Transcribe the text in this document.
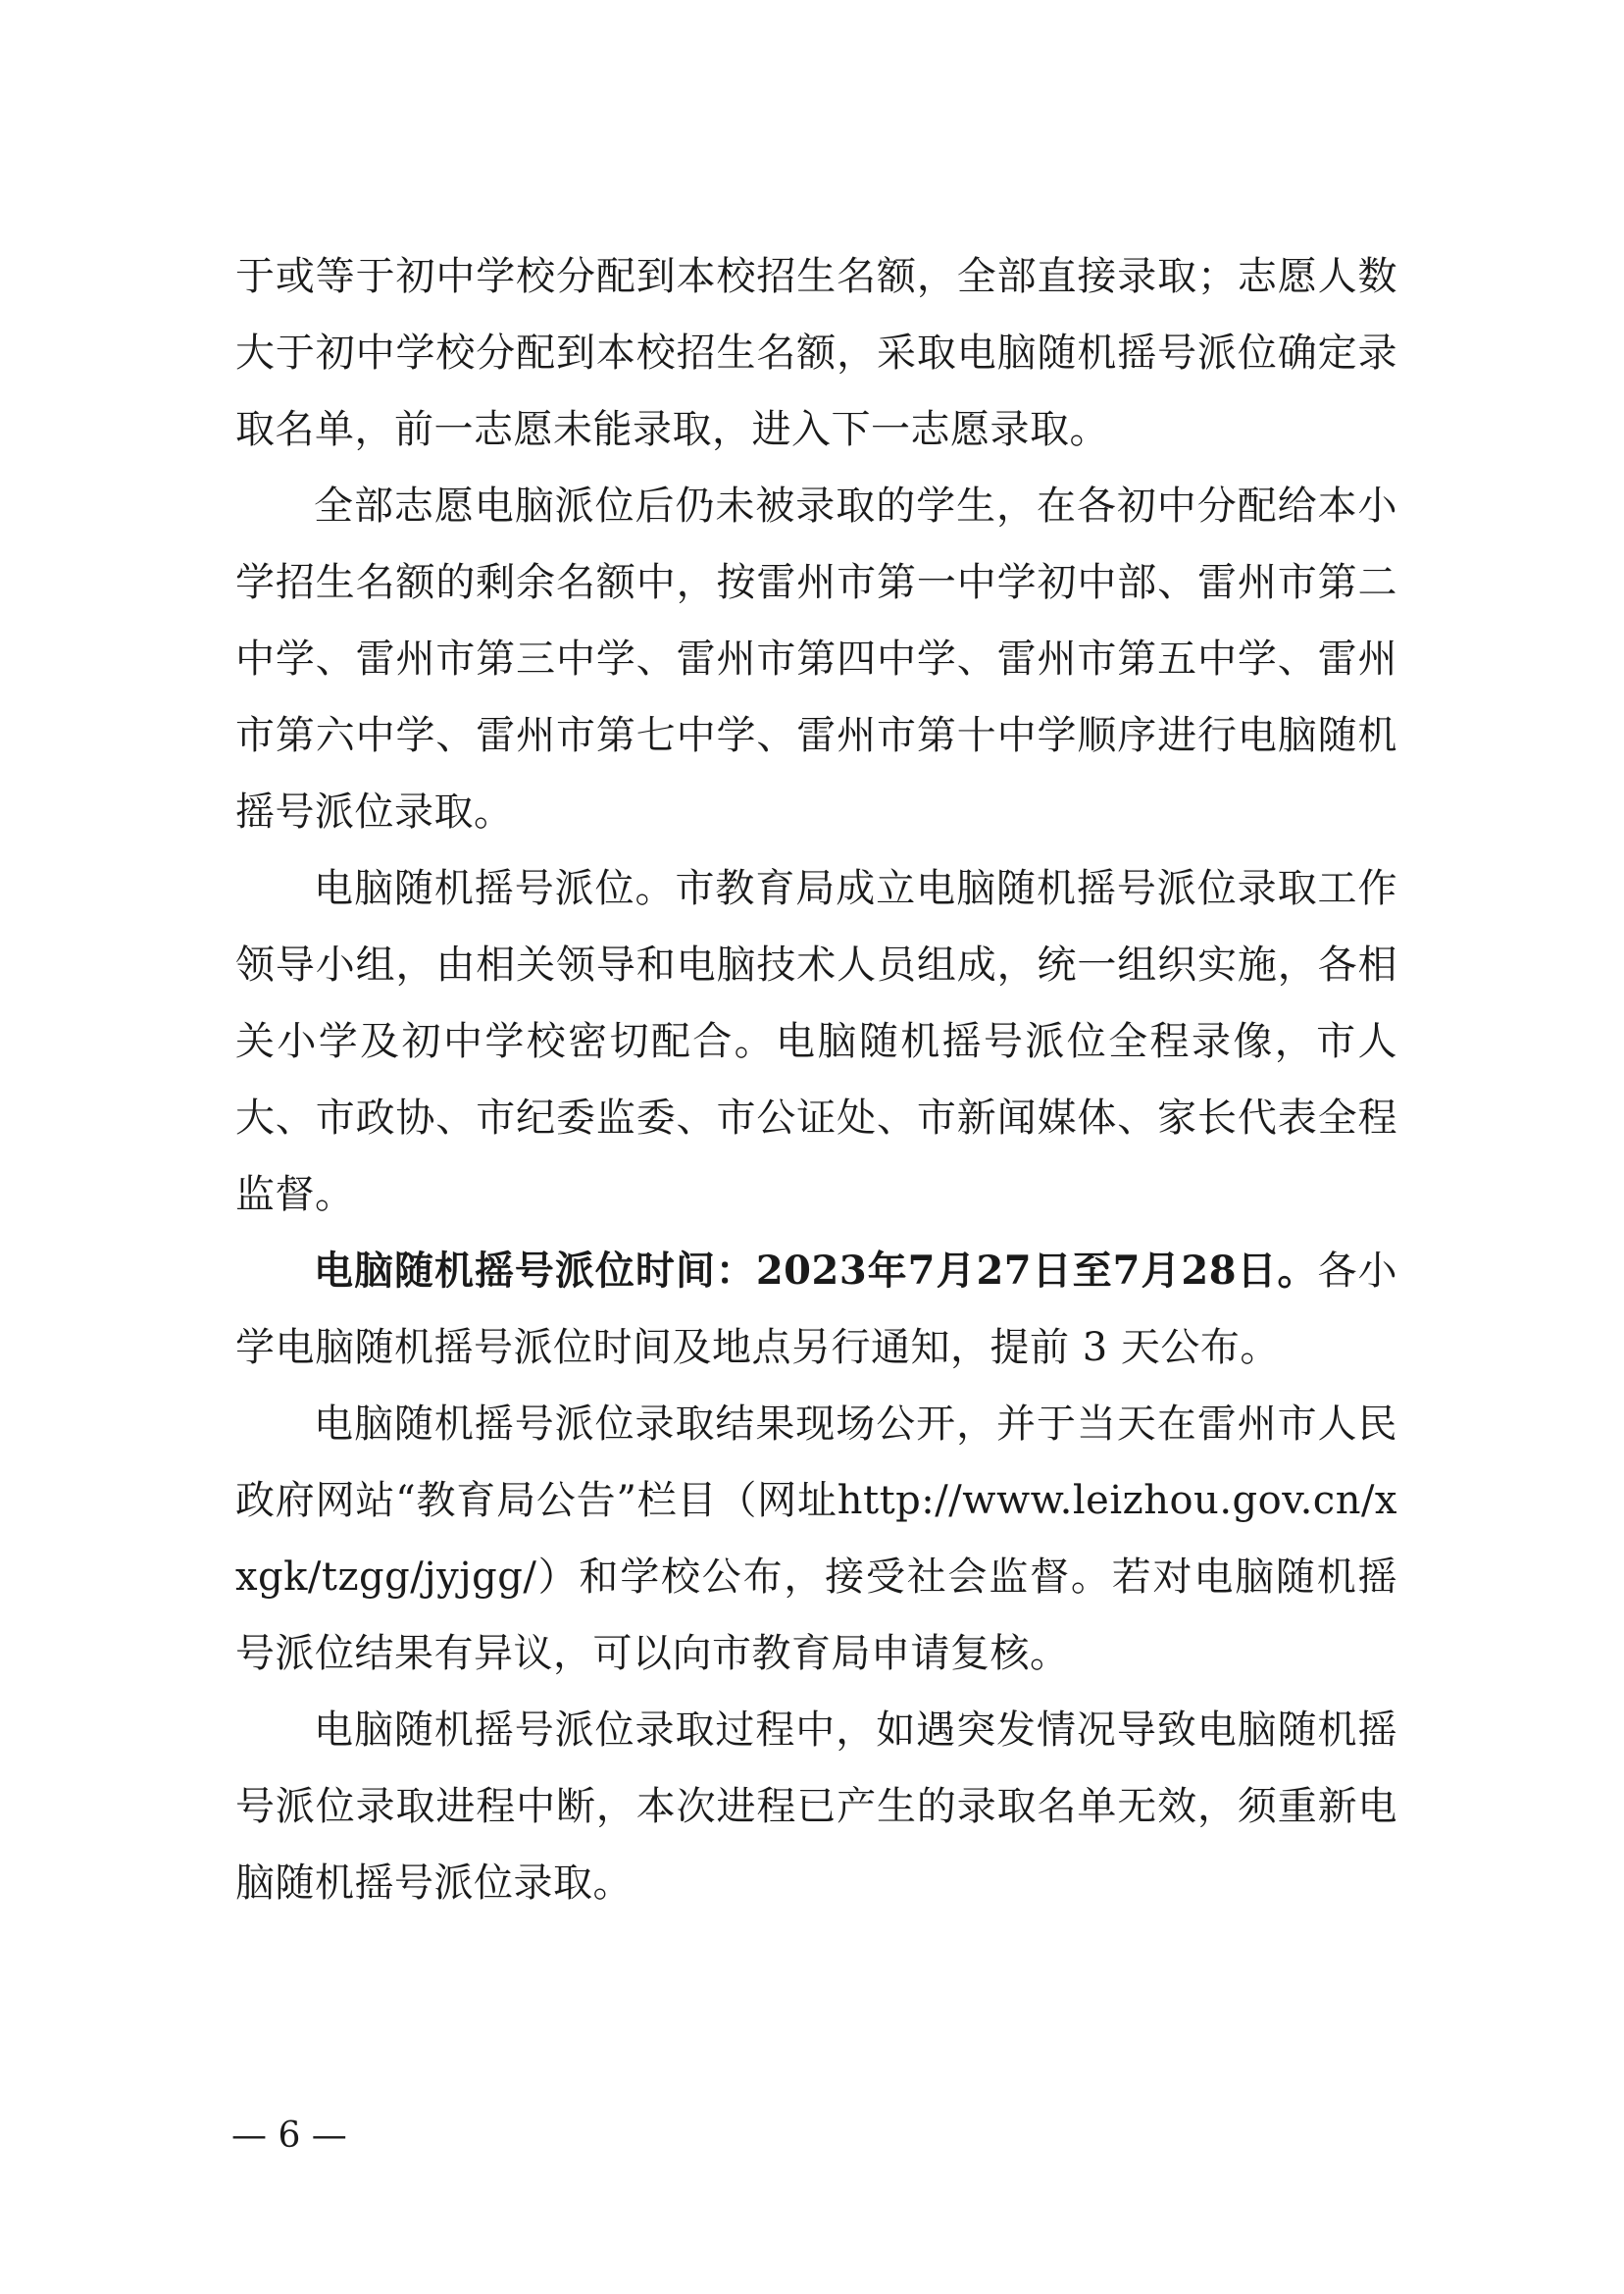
于或等于初中学校分配到本校招生名额，全部直接录取；志愿人数大于初中学校分配到本校招生名额，采取电脑随机摇号派位确定录取名单，前一志愿未能录取，进入下一志愿录取。

全部志愿电脑派位后仍未被录取的学生，在各初中分配给本小学招生名额的剩余名额中，按雷州市第一中学初中部、雷州市第二中学、雷州市第三中学、雷州市第四中学、雷州市第五中学、雷州市第六中学、雷州市第七中学、雷州市第十中学顺序进行电脑随机摇号派位录取。

电脑随机摇号派位。市教育局成立电脑随机摇号派位录取工作领导小组，由相关领导和电脑技术人员组成，统一组织实施，各相关小学及初中学校密切配合。电脑随机摇号派位全程录像，市人大、市政协、市纪委监委、市公证处、市新闻媒体、家长代表全程监督。

电脑随机摇号派位时间：2023年7月27日至7月28日。各小学电脑随机摇号派位时间及地点另行通知，提前 3 天公布。

电脑随机摇号派位录取结果现场公开，并于当天在雷州市人民政府网站“教育局公告”栏目（网址http://www.leizhou.gov.cn/xxgk/tzgg/jyjgg/）和学校公布，接受社会监督。若对电脑随机摇号派位结果有异议，可以向市教育局申请复核。

电脑随机摇号派位录取过程中，如遇突发情况导致电脑随机摇号派位录取进程中断，本次进程已产生的录取名单无效，须重新电脑随机摇号派位录取。

— 6 —
